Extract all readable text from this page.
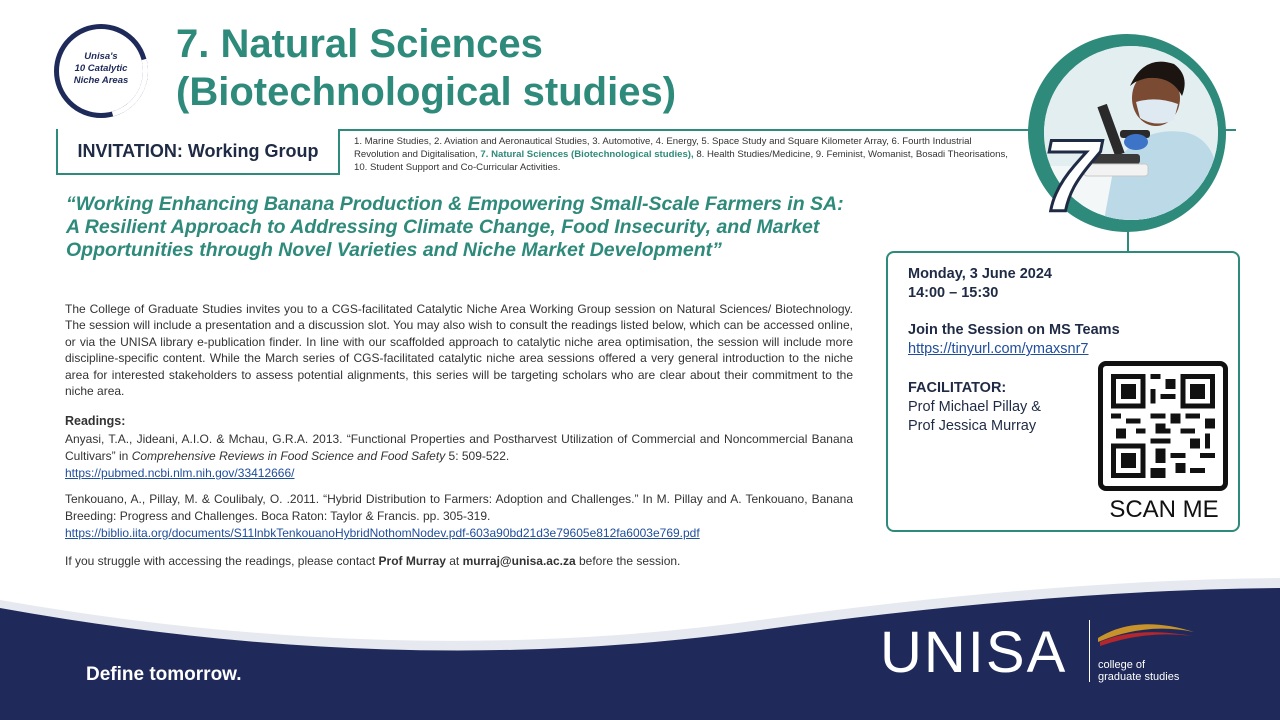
Unisa's
10 Catalytic
Niche Areas
7. Natural Sciences
(Biotechnological studies)
INVITATION: Working Group	1. Marine Studies, 2. Aviation and Aeronautical Studies, 3. Automotive, 4. Energy, 5. Space Study and Square Kilometer Array, 6. Fourth Industrial Revolution and Digitalisation, 7. Natural Sciences (Biotechnological studies), 8. Health Studies/Medicine, 9. Feminist, Womanist, Bosadi Theorisations, 10. Student Support and Co-Curricular Activities.	7
“Working Enhancing Banana Production & Empowering Small-Scale Farmers in SA: A Resilient Approach to Addressing Climate Change, Food Insecurity, and Market Opportunities through Novel Varieties and Niche Market Development”
The College of Graduate Studies invites you to a CGS-facilitated Catalytic Niche Area Working Group session on Natural Sciences/ Biotechnology. The session will include a presentation and a discussion slot. You may also wish to consult the readings listed below, which can be accessed online, or via the UNISA library e-publication finder. In line with our scaffolded approach to catalytic niche area optimisation, the session will include more discipline-specific content. While the March series of CGS-facilitated catalytic niche area sessions offered a very general introduction to the niche area for interested stakeholders to assess potential alignments, this series will be targeting scholars who are clear about their commitment to the niche area.
Readings:
Anyasi, T.A., Jideani, A.I.O. & Mchau, G.R.A. 2013. “Functional Properties and Postharvest Utilization of Commercial and Noncommercial Banana Cultivars” in Comprehensive Reviews in Food Science and Food Safety 5: 509-522.
https://pubmed.ncbi.nlm.nih.gov/33412666/
Tenkouano, A., Pillay, M. & Coulibaly, O. .2011. “Hybrid Distribution to Farmers: Adoption and Challenges.” In M. Pillay and A. Tenkouano, Banana Breeding: Progress and Challenges. Boca Raton: Taylor & Francis. pp. 305-319.
https://biblio.iita.org/documents/S11lnbkTenkouanoHybridNothomNodev.pdf-603a90bd21d3e79605e812fa6003e769.pdf
If you struggle with accessing the readings, please contact Prof Murray at murraj@unisa.ac.za before the session.
Monday, 3 June 2024
14:00 – 15:30
Join the Session on MS Teams
https://tinyurl.com/ymaxsnr7
FACILITATOR:
Prof Michael Pillay &
Prof Jessica Murray
SCAN ME
Define tomorrow.	UNISA	college of
graduate studies
